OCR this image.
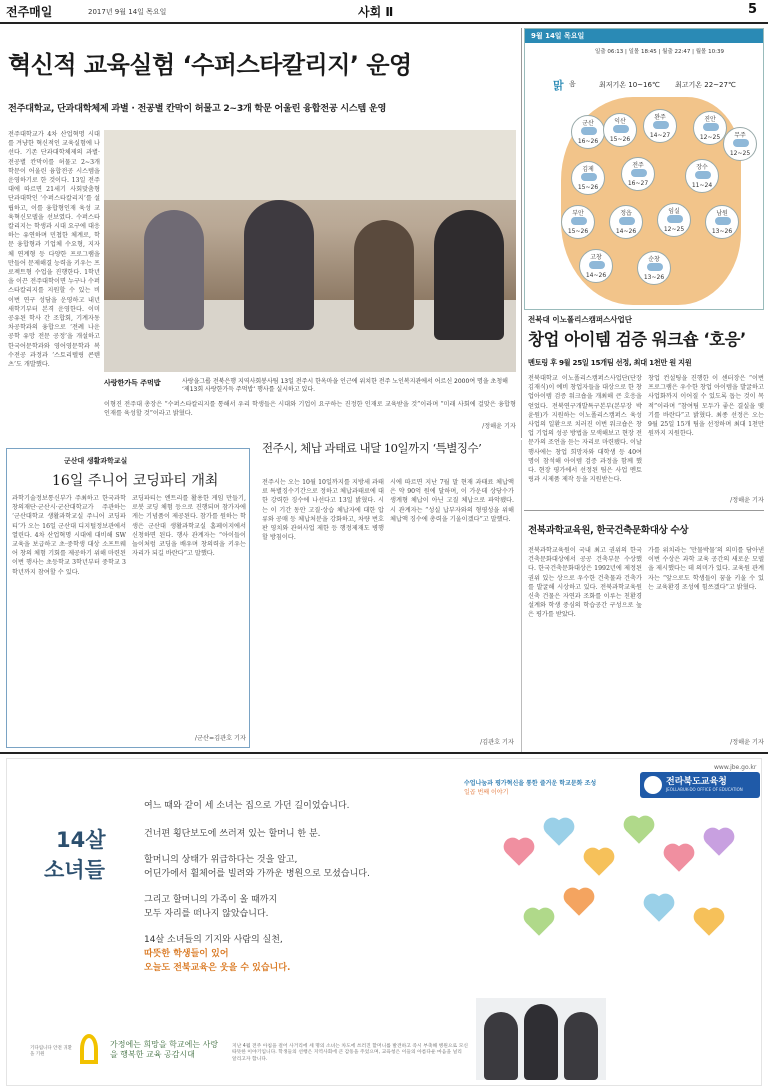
전주매일	2017년 9월 14일 목요일	사회 Ⅱ	5
혁신적 교육실험 ‘수퍼스타칼리지’ 운영
전주대학교, 단과대학체제 과별 · 전공별 칸막이 허물고 2~3개 학문 어울린 융합전공 시스템 운영
전주대학교가 4차 산업혁명 시대를 겨냥한 혁신적인 교육실험에 나선다. 기존 단과대학체제의 과별·전공별 칸막이를 허물고 2~3개 학문이 어울린 융합전공 시스템을 운영하기로 한 것이다. 13일 전주대에 따르면 21세기 사회맞춤형 단과대학인 ‘수퍼스타칼리지’를 설립하고, 이를 융합형인재 육성 교육혁신모델을 선보였다. 수퍼스타칼리지는 학생과 시대 요구에 대응하는 유연하며 민첩한 체계로, 학문 융합형과 기업체 수요형, 지자체 연계형 등 다양한 프로그램을 만들어 문제해결 능력을 키우는 프로젝트형 수업을 진행한다. 1학년을 이끈 전주대학이면 누구나 수퍼스타칼리지를 지원할 수 있는 비 이번 연구 성담을 운영하고 내년 새학기부터 본격 운영한다. 이미 공유된 학사 간 조합회, 기계자동차공학과의 융합으로 ‘전례 나운 공학 유망 전문 공정’을 개설하고 한국어문학과와 영어영문학과 복수전공 과정과 ‘스토리텔링 콘텐츠’도 개발했다.
사랑한가득 주먹밥	사랑을그룹 전북은행 지역사회봉사팀 13일 전주시 한옥마을 인근에 위치한 전주 노인복지관에서 어르신 2000여 명을 초청해 ‘제13회 사랑한가득 주먹밥’ 행사를 실시하고 있다.
이형진 전주대 총장은 “수퍼스타칼리지를 통해서 우리 학생들은 시대와 기업이 요구하는 진정한 인재로 교육받을 것”이라며 “미래 사회에 걸맞은 융합형 인재를 육성할 것”이라고 밝혔다.
/정해윤 기자
9월 14일 목요일
일출 06:13 | 일몰 18:45 | 월출 22:47 | 월몰 10:39
맑 음	최저기온 10~16℃ 최고기온 22~27℃
군산
16~26
익산
15~26
완주
14~27
진안
12~25	무주
12~25
김제
15~26
전주
16~27
장수
11~24
부안
15~26
정읍
14~26
임실
12~25
남원
13~26
고창
14~26
순창
13~26
전북대 이노폴리스캠퍼스사업단
창업 아이템 검증 워크숍 ‘호응’
멘토링 후 9월 25일 15개팀 선정, 최대 1천만 원 지원
전북대학교 이노폴리스캠퍼스사업단(단장 김재식)이 예비 창업자들을 대상으로 한 창업아이템 검증 워크숍을 개최해 큰 호응을 얻었다. 전북연구개발특구본부(본부장 박윤원)가 지원하는 이노폴리스캠퍼스 육성사업의 일환으로 치러진 이번 워크숍은 창업 기업의 성공 방법을 모색해보고 현장 전문가의 조언을 듣는 자리로 마련됐다. 이날 행사에는 창업 희망자와 대학생 등 40여 명이 참석해 아이템 검증 과정을 함께 했다. 현장 평가에서 선정된 팀은 사업 멘토링과 시제품 제작 등을 지원받는다.
창업 컨설팅을 진행한 이 센터장은 “이번 프로그램은 우수한 창업 아이템을 발굴하고 사업화까지 이어질 수 있도록 돕는 것이 목적”이라며 “참여팀 모두가 좋은 결실을 맺기를 바란다”고 밝혔다. 최종 선정은 오는 9월 25일 15개 팀을 선정하며 최대 1천만 원까지 지원한다.
/정해윤 기자
군산대 생활과학교실
16일 주니어 코딩파티 개최
과학기술정보통신부가 주최하고 한국과학창의재단·군산시·군산대학교가 주관하는 ‘군산대학교 생활과학교실 주니어 코딩파티’가 오는 16일 군산대 디지털정보관에서 열린다. 4차 산업혁명 시대에 대비해 SW 교육을 보급하고 초·중학생 대상 소프트웨어 창의 체험 기회를 제공하기 위해 마련된 이번 행사는 초등학교 3학년부터 중학교 3학년까지 참여할 수 있다.
코딩파티는 엔트리를 활용한 게임 만들기, 로봇 코딩 체험 등으로 진행되며 참가자에게는 기념품이 제공된다. 참가를 원하는 학생은 군산대 생활과학교실 홈페이지에서 신청하면 된다. 행사 관계자는 “아이들이 놀이처럼 코딩을 배우며 창의력을 키우는 자리가 되길 바란다”고 말했다.
/군산=김관호 기자
전주시, 체납 과태료 내달 10일까지 ‘특별징수’
전주시는 오는 10월 10일까지를 지방세 과태료 특별징수기간으로 정하고 체납과태료에 대한 강력한 징수에 나선다고 13일 밝혔다. 시는 이 기간 동안 고질·상습 체납자에 대한 압류와 공매 등 체납처분을 강화하고, 차량 번호판 영치와 관허사업 제한 등 행정제재도 병행할 방침이다.
시에 따르면 지난 7월 말 현재 과태료 체납액은 약 90억 원에 달하며, 이 가운데 상당수가 생계형 체납이 아닌 고질 체납으로 파악됐다. 시 관계자는 “성실 납부자와의 형평성을 위해 체납액 징수에 총력을 기울이겠다”고 말했다.
/김관호 기자
전북과학교육원, 한국건축문화대상 수상
전북과학교육원이 국내 최고 권위의 한국건축문화대상에서 공공 건축부문 수상했다. 한국건축문화대상은 1992년에 제정된 권위 있는 상으로 우수한 건축물과 건축가를 발굴해 시상하고 있다. 전북과학교육원 신축 건물은 자연과 조화를 이루는 친환경 설계와 학생 중심의 학습공간 구성으로 높은 평가를 받았다.
가를 위치라는 ‘만물박물’의 의미를 담아낸 이번 수상은 과학 교육 공간의 새로운 모델을 제시했다는 데 의미가 있다. 교육원 관계자는 “앞으로도 학생들이 꿈을 키울 수 있는 교육환경 조성에 힘쓰겠다”고 밝혔다.
/정해윤 기자
www.jbe.go.kr
수업나눔과 평가혁신을 통한 즐거운 학교문화 조성
일곱 번째 이야기
전라북도교육청
JEOLLABUK-DO OFFICE OF EDUCATION
14살
소녀들
여느 때와 같이 세 소녀는 집으로 가던 길이었습니다.
건너편 횡단보도에 쓰러져 있는 할머니 한 분.
할머니의 상태가 위급하다는 것을 알고,
어딘가에서 휠체어를 빌려와 가까운 병원으로 모셨습니다.
그리고 할머니의 가족이 올 때까지
모두 자리를 떠나지 않았습니다.
14살 소녀들의 기지와 사람의 실천,
따뜻한 학생들이 있어
오늘도 전북교육은 웃을 수 있습니다.
기다립니다 안전 귀환을 기원
가정에는 희망을 학교에는 사랑을 행복한 교육 공감시대
지난 4월 전주 아침을 걸어 사거리에 세 명의 소녀는 차도에 쓰러진 할머니를 발견하고 즉시 부축해 병원으로 모신 따뜻한 이야기입니다. 학생들의 선행은 지역사회에 큰 감동을 주었으며, 교육청은 이들의 아름다운 마음을 널리 알리고자 합니다.
